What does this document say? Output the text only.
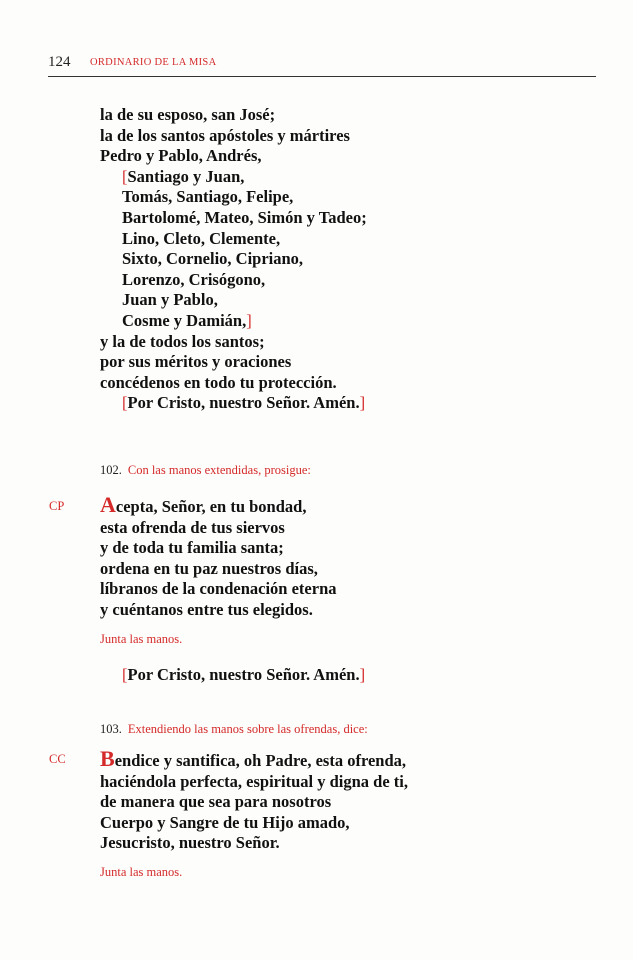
124 ORDINARIO DE LA MISA
la de su esposo, san José;
la de los santos apóstoles y mártires
Pedro y Pablo, Andrés,
[Santiago y Juan,
Tomás, Santiago, Felipe,
Bartolomé, Mateo, Simón y Tadeo;
Lino, Cleto, Clemente,
Sixto, Cornelio, Cipriano,
Lorenzo, Crisógono,
Juan y Pablo,
Cosme y Damián,]
y la de todos los santos;
por sus méritos y oraciones
concédenos en todo tu protección.
[Por Cristo, nuestro Señor. Amén.]
102. Con las manos extendidas, prosigue:
CP Acepta, Señor, en tu bondad,
esta ofrenda de tus siervos
y de toda tu familia santa;
ordena en tu paz nuestros días,
líbranos de la condenación eterna
y cuéntanos entre tus elegidos.
Junta las manos.
[Por Cristo, nuestro Señor. Amén.]
103. Extendiendo las manos sobre las ofrendas, dice:
CC Bendice y santifica, oh Padre, esta ofrenda,
haciéndola perfecta, espiritual y digna de ti,
de manera que sea para nosotros
Cuerpo y Sangre de tu Hijo amado,
Jesucristo, nuestro Señor.
Junta las manos.
